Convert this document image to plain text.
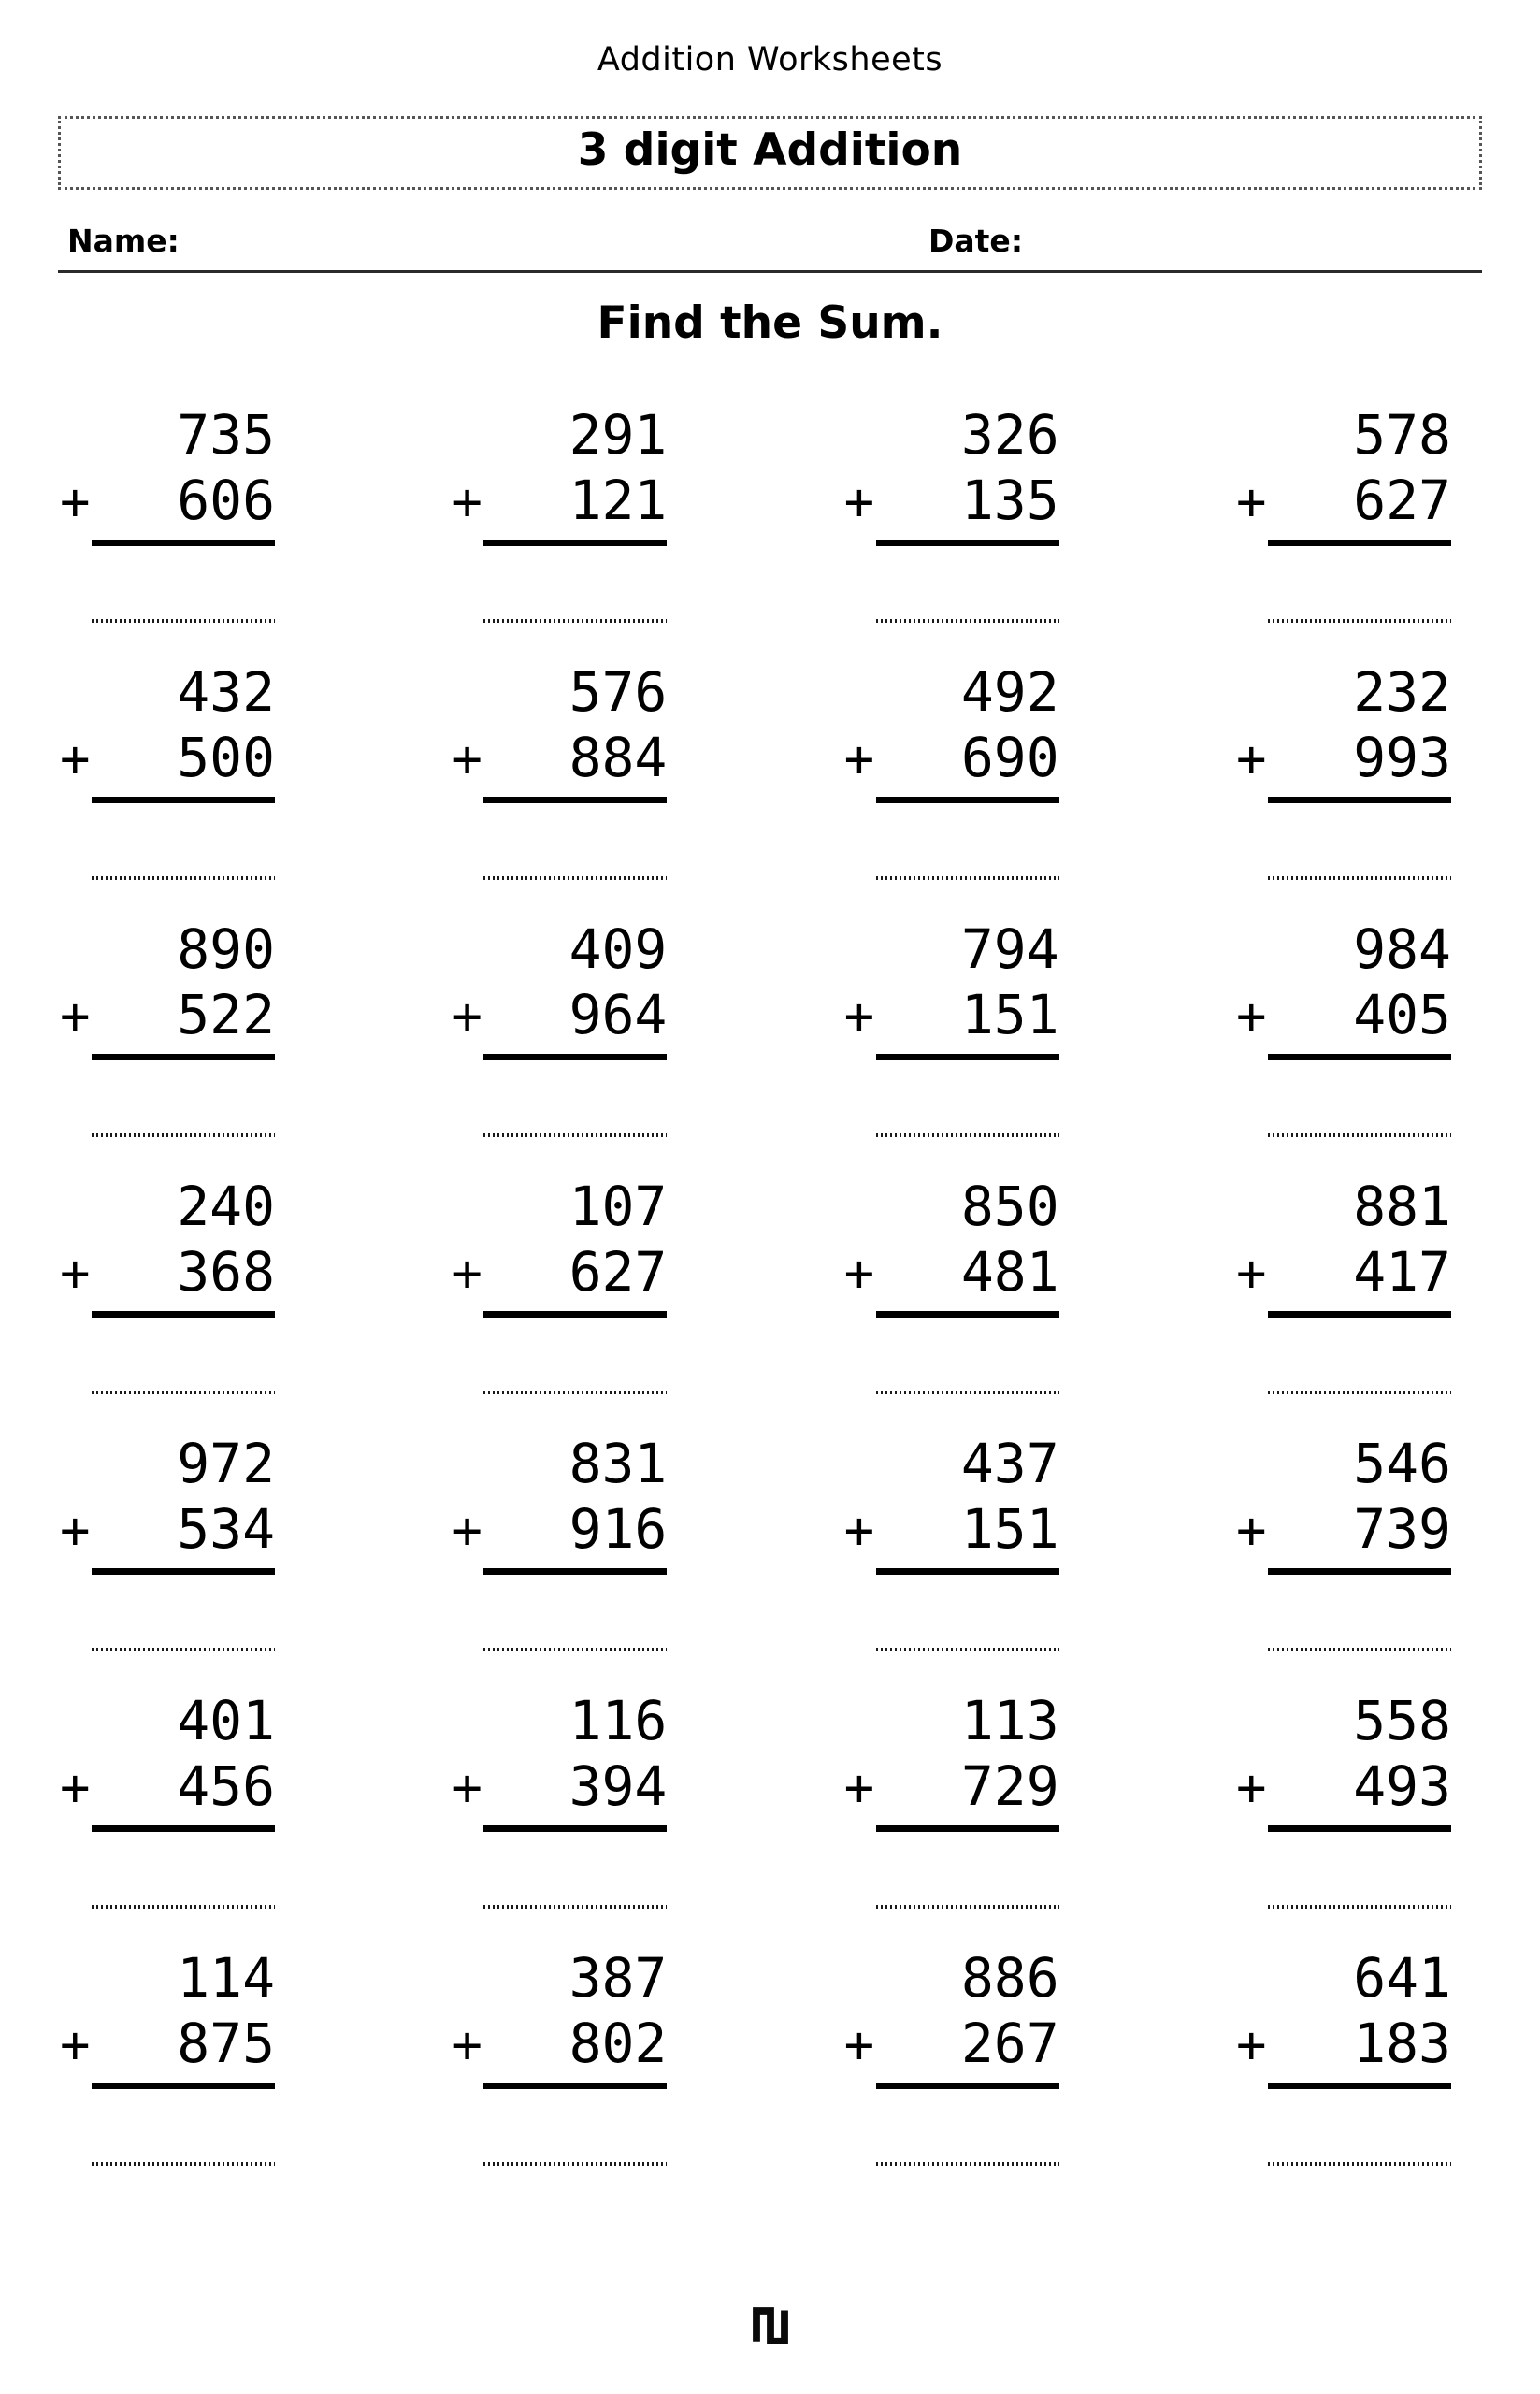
Addition Worksheets
3 digit Addition
Name:	Date:
Find the Sum.
735
+ 606
291
+ 121
326
+ 135
578
+ 627
432
+ 500
576
+ 884
492
+ 690
232
+ 993
890
+ 522
409
+ 964
794
+ 151
984
+ 405
240
+ 368
107
+ 627
850
+ 481
881
+ 417
972
+ 534
831
+ 916
437
+ 151
546
+ 739
401
+ 456
116
+ 394
113
+ 729
558
+ 493
114
+ 875
387
+ 802
886
+ 267
641
+ 183
